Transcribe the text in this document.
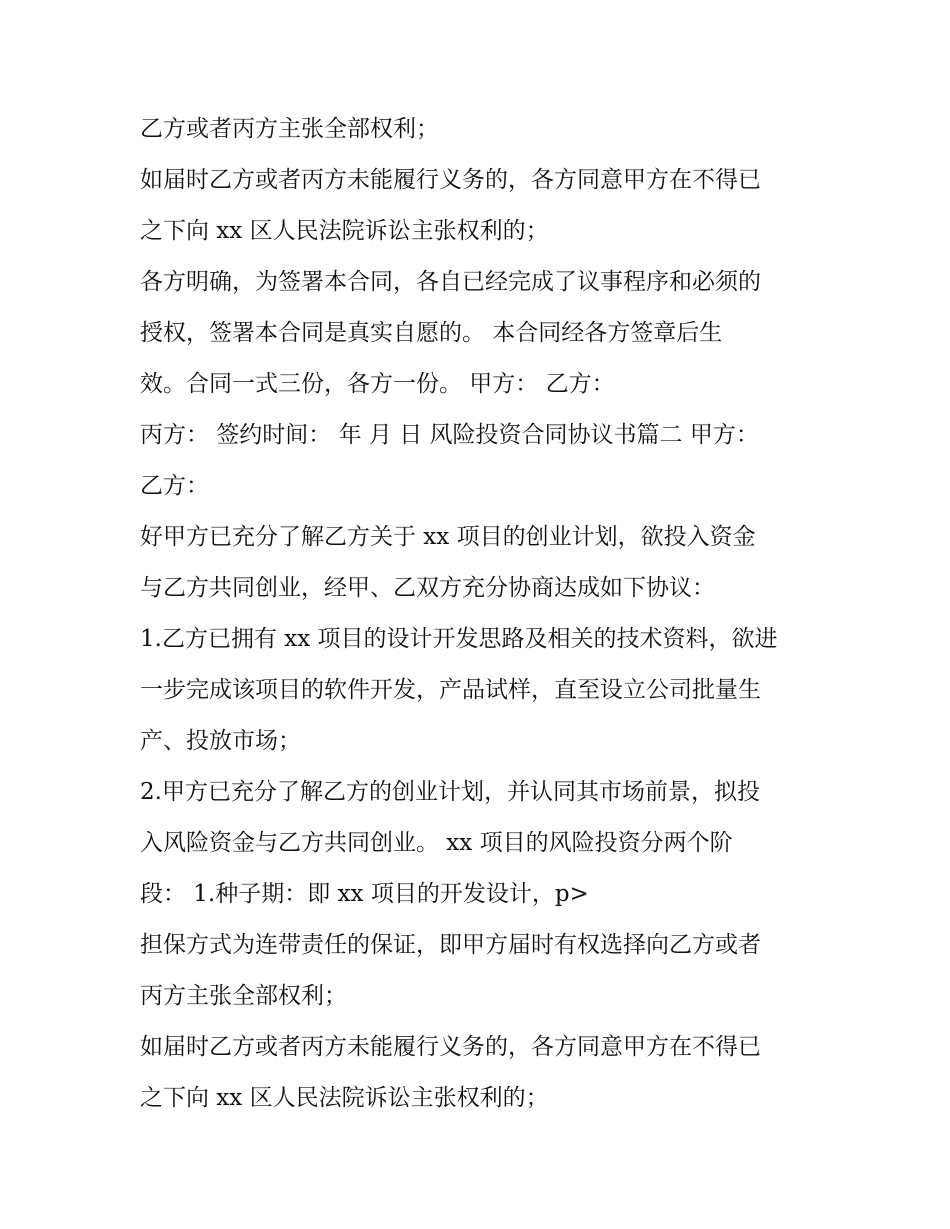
乙方或者丙方主张全部权利；
如届时乙方或者丙方未能履行义务的，各方同意甲方在不得已
之下向 xx 区人民法院诉讼主张权利的；
各方明确，为签署本合同，各自已经完成了议事程序和必须的
授权，签署本合同是真实自愿的。 本合同经各方签章后生
效。合同一式三份，各方一份。 甲方： 乙方：
丙方： 签约时间： 年 月 日 风险投资合同协议书篇二 甲方：
乙方：
好甲方已充分了解乙方关于 xx 项目的创业计划，欲投入资金
与乙方共同创业，经甲、乙双方充分协商达成如下协议：
1.乙方已拥有 xx 项目的设计开发思路及相关的技术资料，欲进
一步完成该项目的软件开发，产品试样，直至设立公司批量生
产、投放市场；
2.甲方已充分了解乙方的创业计划，并认同其市场前景，拟投
入风险资金与乙方共同创业。 xx 项目的风险投资分两个阶
段： 1.种子期：即 xx 项目的开发设计，p>
担保方式为连带责任的保证，即甲方届时有权选择向乙方或者
丙方主张全部权利；
如届时乙方或者丙方未能履行义务的，各方同意甲方在不得已
之下向 xx 区人民法院诉讼主张权利的；
